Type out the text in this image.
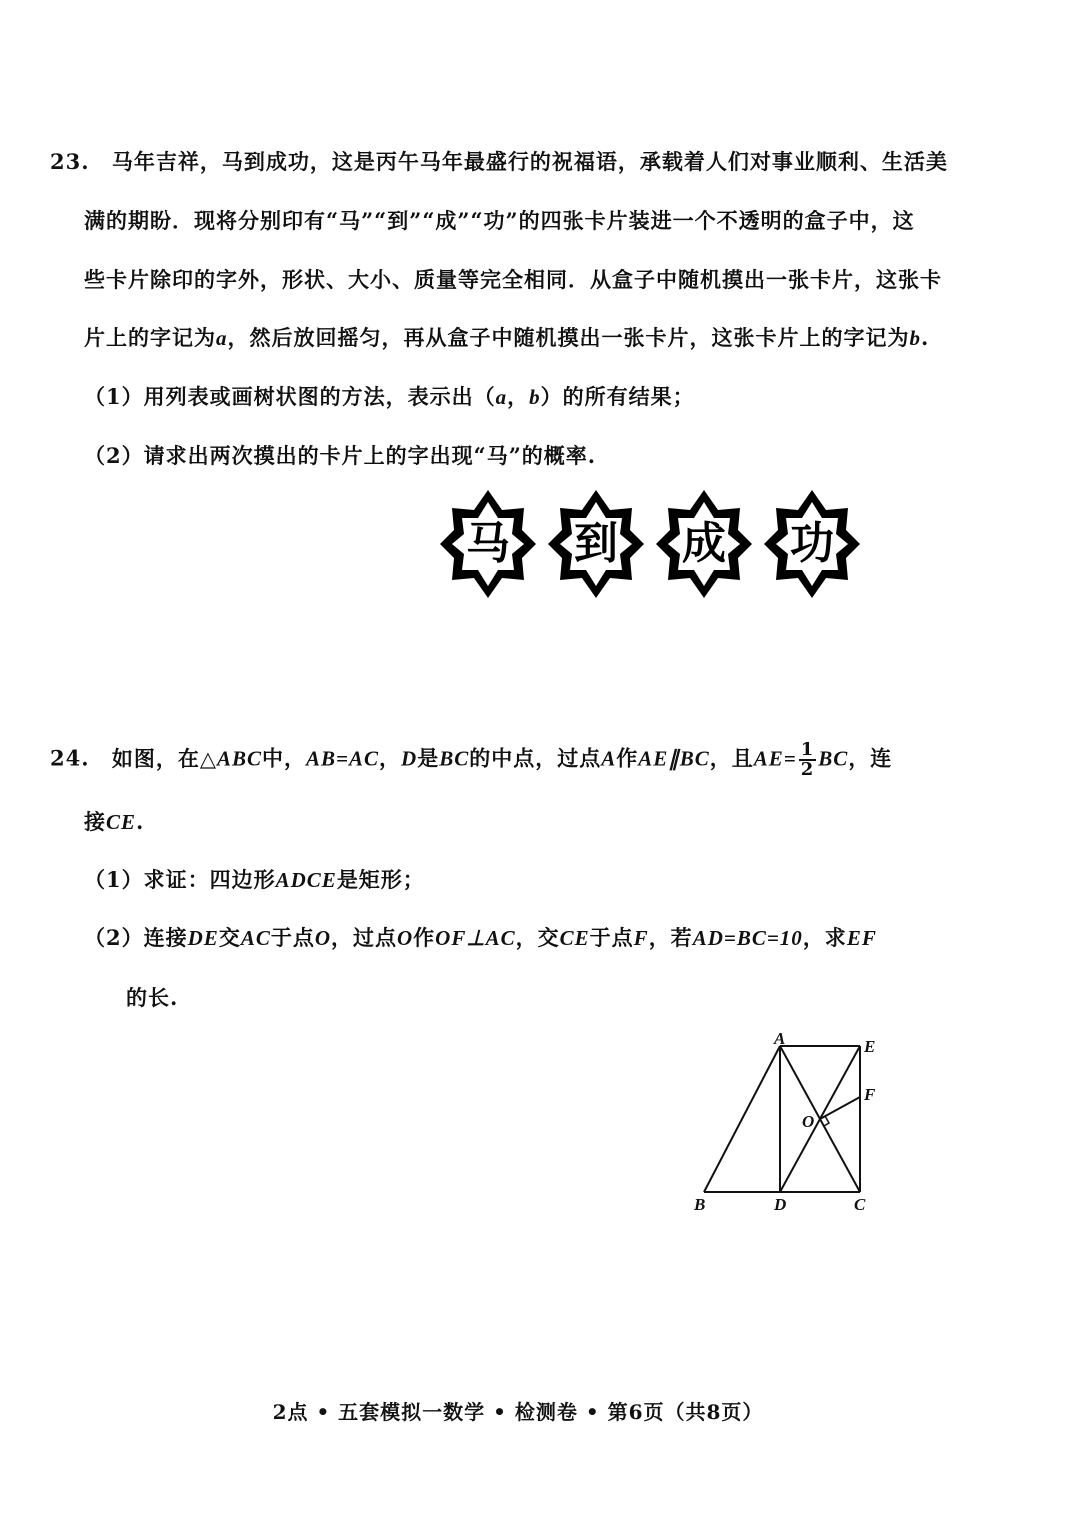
23. 马年吉祥，马到成功，这是丙午马年最盛行的祝福语，承载着人们对事业顺利、生活美
满的期盼．现将分别印有“马”“到”“成”“功”的四张卡片装进一个不透明的盒子中，这
些卡片除印的字外，形状、大小、质量等完全相同．从盒子中随机摸出一张卡片，这张卡
片上的字记为a，然后放回摇匀，再从盒子中随机摸出一张卡片，这张卡片上的字记为b.
（1）用列表或画树状图的方法，表示出（a，b）的所有结果；
（2）请求出两次摸出的卡片上的字出现“马”的概率.
马	到	成	功
24. 如图，在△ABC中，AB=AC，D是BC的中点，过点A作AE∥BC，且$AE= \frac{1}{2}$ BC，连
接CE.
（1）求证：四边形ADCE是矩形；
（2）连接DE交AC于点O，过点O作OF⊥AC，交CE于点F，若AD=BC=10，求EF
的长.
A	E
F
O
B	D	C
2点 • 五套模拟一数学 • 检测卷 • 第6页（共8页）
